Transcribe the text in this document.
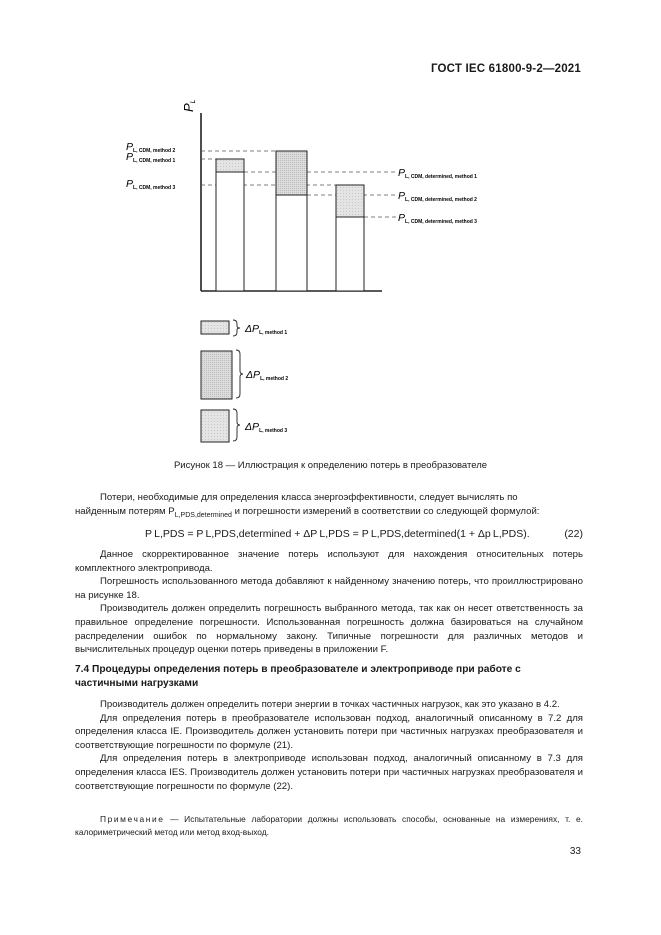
ГОСТ IEC 61800-9-2—2021
PL
PL, CDM, method 2
PL, CDM, method 1
PL, CDM, method 3
PL, CDM, determined, method 1
PL, CDM, determined, method 2
PL, CDM, determined, method 3
ΔPL, method 1
ΔPL, method 2
ΔPL, method 3
Рисунок 18 — Иллюстрация к определению потерь в преобразователе

Потери, необходимые для определения класса энергоэффективности, следует вычислять по

найденным потерям $P_{L,PDS,determined}$ и погрешности измерений в соответствии со следующей формулой:

P L,PDS = P L,PDS,determined + ΔP L,PDS = P L,PDS,determined(1 + Δp L,PDS).	(22)

Данное скорректированное значение потерь используют для нахождения относительных потерь комплектного электропривода.

Погрешность использованного метода добавляют к найденному значению потерь, что проиллюстрировано на рисунке 18.

Производитель должен определить погрешность выбранного метода, так как он несет ответственность за правильное определение погрешности. Использованная погрешность должна базироваться на случайном распределении ошибок по нормальному закону. Типичные погрешности для различных методов и вычислительных процедур оценки потерь приведены в приложении F.

7.4 Процедуры определения потерь в преобразователе и электроприводе при работе с частичными нагрузками

Производитель должен определить потери энергии в точках частичных нагрузок, как это указано в 4.2.

Для определения потерь в преобразователе использован подход, аналогичный описанному в 7.2 для определения класса IE. Производитель должен установить потери при частичных нагрузках преобразователя и соответствующие погрешности по формуле (21).

Для определения потерь в электроприводе использован подход, аналогичный описанному в 7.3 для определения класса IES. Производитель должен установить потери при частичных нагрузках преобразователя и соответствующие погрешности по формуле (22).

Примечание — Испытательные лаборатории должны использовать способы, основанные на измерениях, т. е. калориметрический метод или метод вход-выход.
33
